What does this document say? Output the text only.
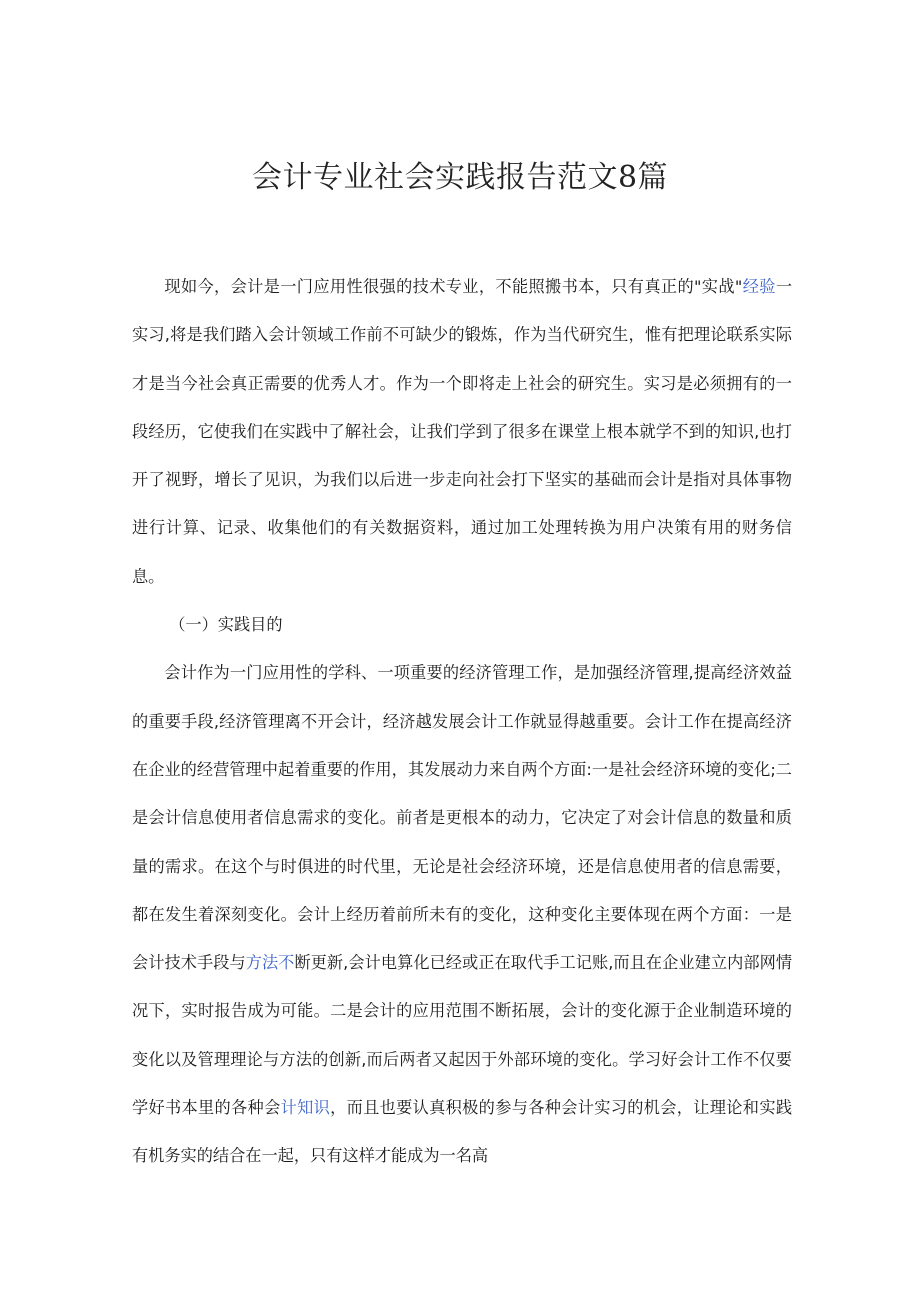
会计专业社会实践报告范文8篇

现如今，会计是一门应用性很强的技术专业，不能照搬书本，只有真正的"实战"经验一实习,将是我们踏入会计领域工作前不可缺少的锻炼，作为当代研究生，惟有把理论联系实际才是当今社会真正需要的优秀人才。作为一个即将走上社会的研究生。实习是必须拥有的一段经历，它使我们在实践中了解社会，让我们学到了很多在课堂上根本就学不到的知识,也打开了视野，增长了见识，为我们以后进一步走向社会打下坚实的基础而会计是指对具体事物进行计算、记录、收集他们的有关数据资料，通过加工处理转换为用户决策有用的财务信息。

（一）实践目的

会计作为一门应用性的学科、一项重要的经济管理工作，是加强经济管理,提高经济效益的重要手段,经济管理离不开会计，经济越发展会计工作就显得越重要。会计工作在提高经济在企业的经营管理中起着重要的作用，其发展动力来自两个方面:一是社会经济环境的变化;二是会计信息使用者信息需求的变化。前者是更根本的动力，它决定了对会计信息的数量和质量的需求。在这个与时俱进的时代里，无论是社会经济环境，还是信息使用者的信息需要，都在发生着深刻变化。会计上经历着前所未有的变化，这种变化主要体现在两个方面：一是会计技术手段与方法不断更新,会计电算化已经或正在取代手工记账,而且在企业建立内部网情况下，实时报告成为可能。二是会计的应用范围不断拓展，会计的变化源于企业制造环境的变化以及管理理论与方法的创新,而后两者又起因于外部环境的变化。学习好会计工作不仅要学好书本里的各种会计知识，而且也要认真积极的参与各种会计实习的机会，让理论和实践有机务实的结合在一起，只有这样才能成为一名高
